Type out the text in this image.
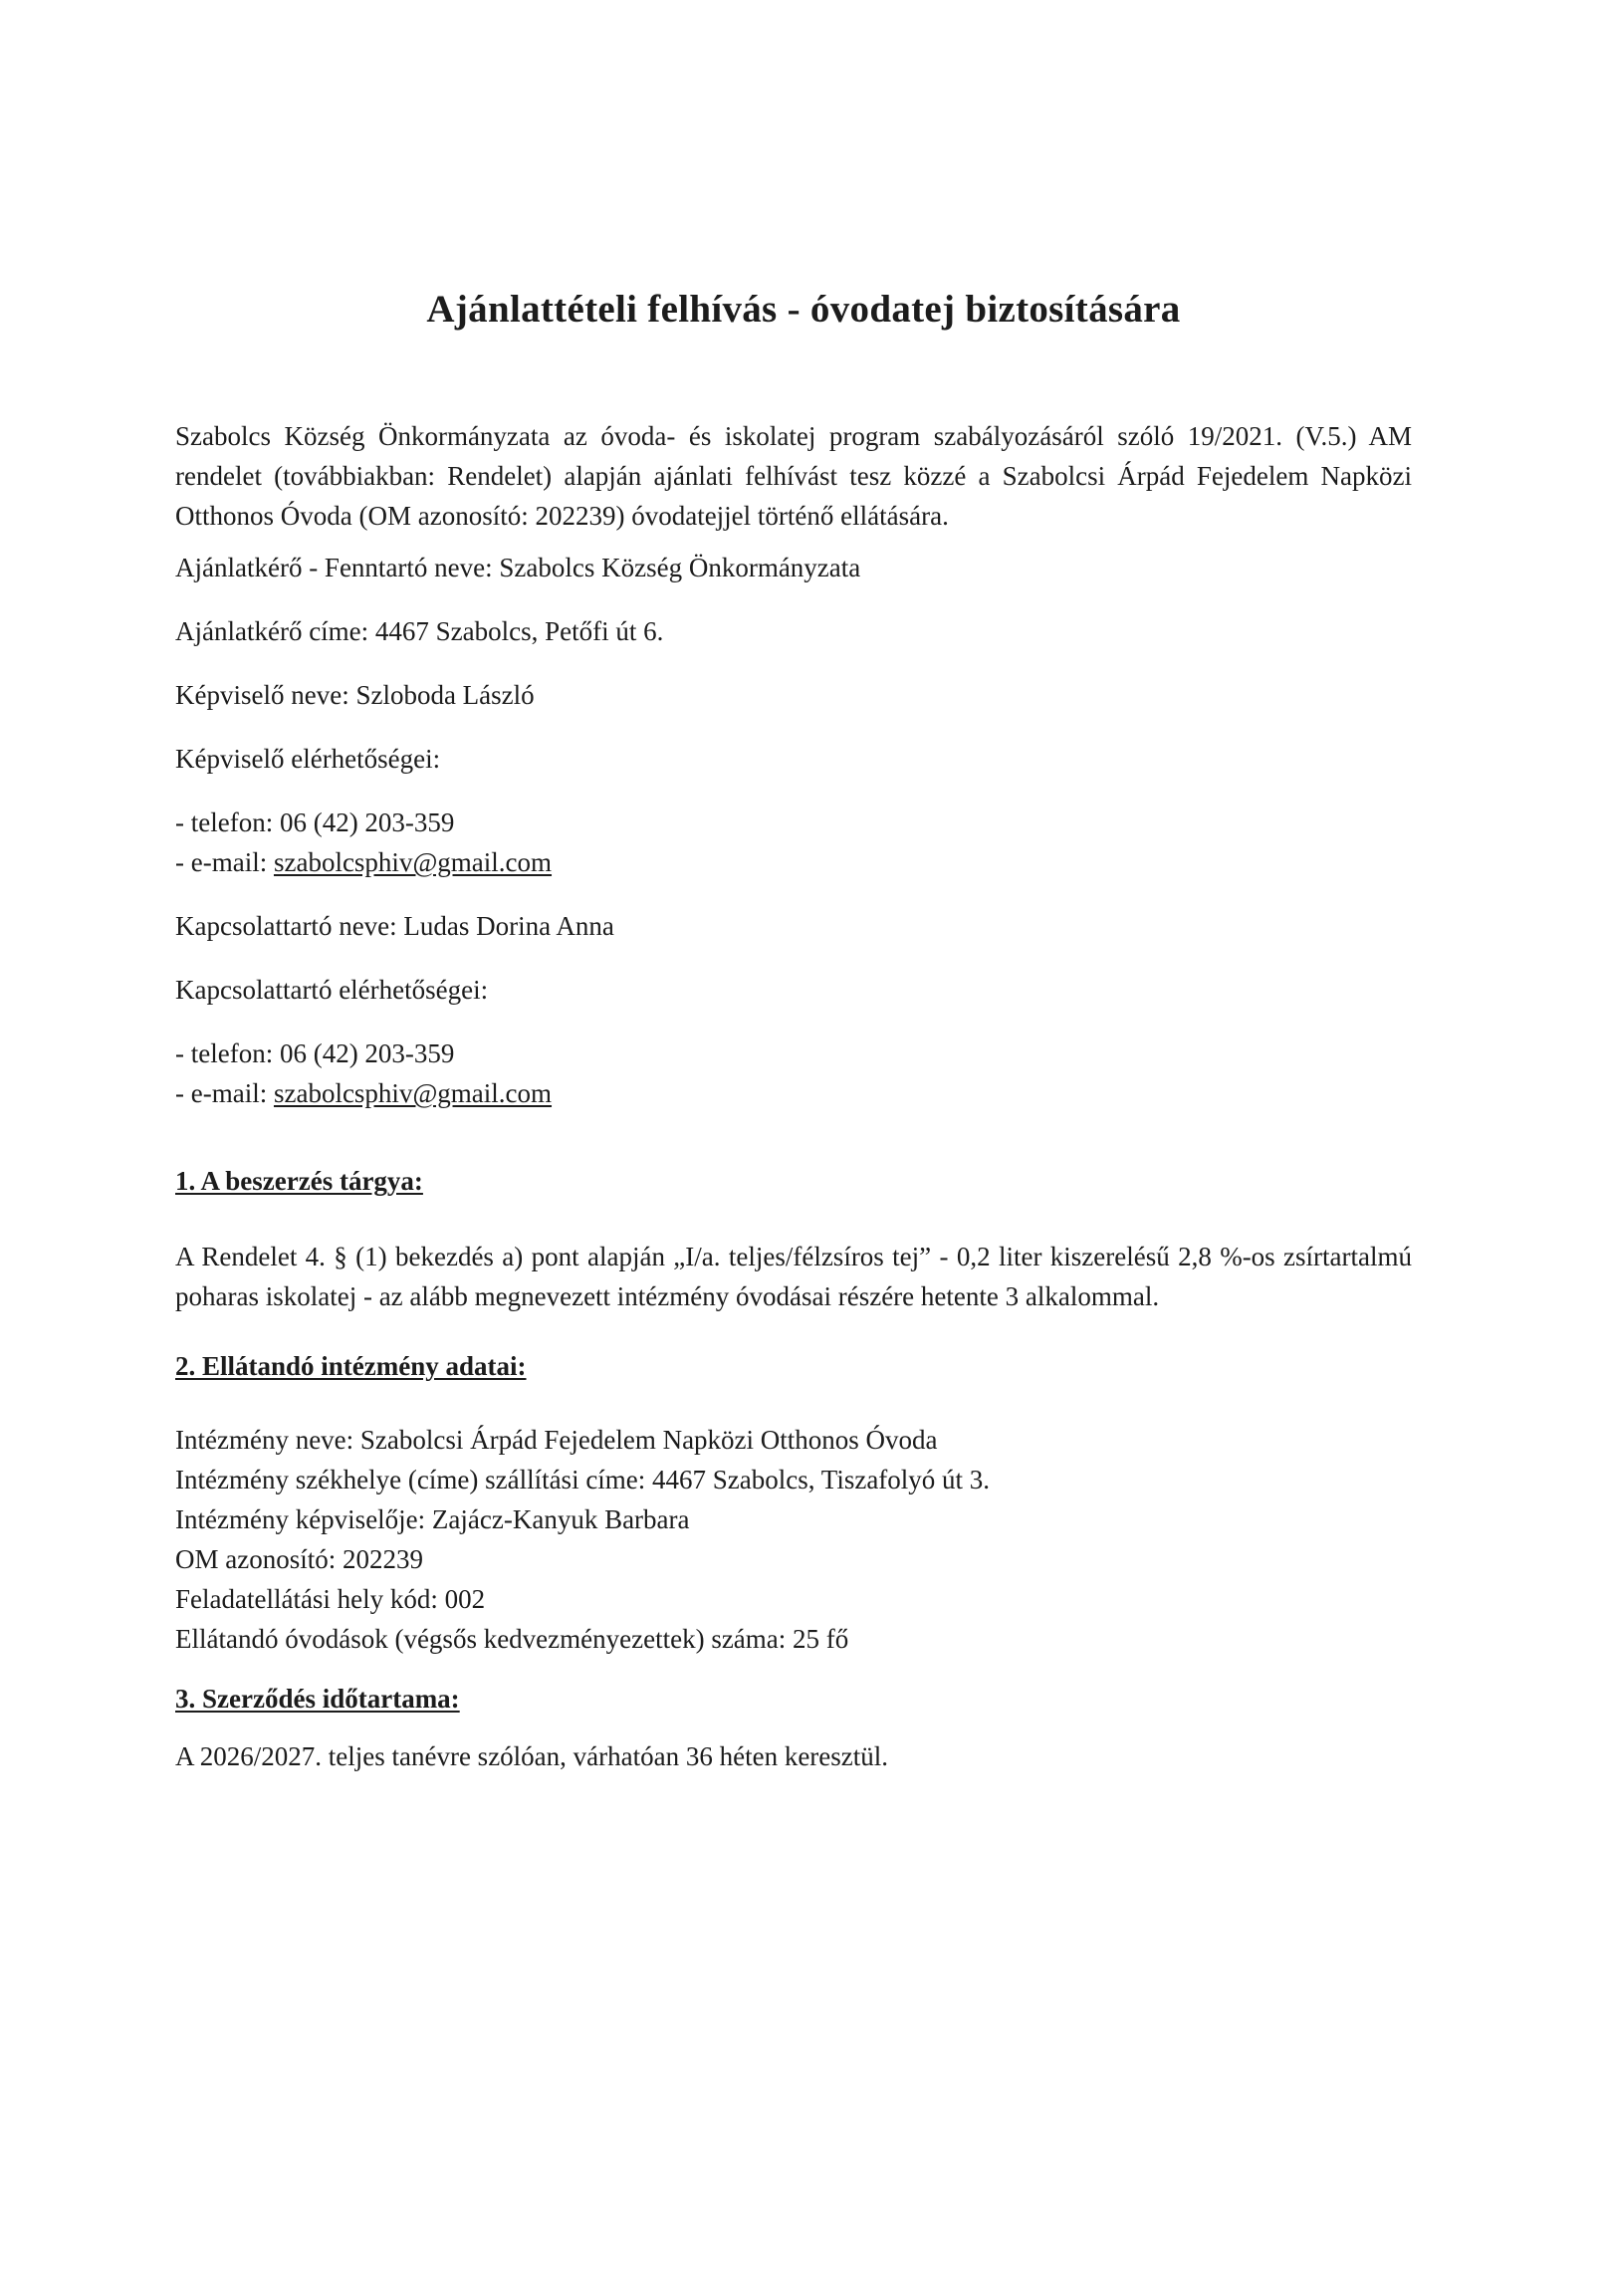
Ajánlattételi felhívás - óvodatej biztosítására

Szabolcs Község Önkormányzata az óvoda- és iskolatej program szabályozásáról szóló 19/2021. (V.5.) AM rendelet (továbbiakban: Rendelet) alapján ajánlati felhívást tesz közzé a Szabolcsi Árpád Fejedelem Napközi Otthonos Óvoda (OM azonosító: 202239) óvodatejjel történő ellátására.

Ajánlatkérő - Fenntartó neve: Szabolcs Község Önkormányzata

Ajánlatkérő címe: 4467 Szabolcs, Petőfi út 6.

Képviselő neve: Szloboda László

Képviselő elérhetőségei:

- telefon: 06 (42) 203-359

- e-mail: szabolcsphiv@gmail.com

Kapcsolattartó neve: Ludas Dorina Anna

Kapcsolattartó elérhetőségei:

- telefon: 06 (42) 203-359

- e-mail: szabolcsphiv@gmail.com

1. A beszerzés tárgya:

A Rendelet 4. § (1) bekezdés a) pont alapján „I/a. teljes/félzsíros tej” - 0,2 liter kiszerelésű 2,8 %-os zsírtartalmú poharas iskolatej - az alább megnevezett intézmény óvodásai részére hetente 3 alkalommal.

2. Ellátandó intézmény adatai:

Intézmény neve: Szabolcsi Árpád Fejedelem Napközi Otthonos Óvoda

Intézmény székhelye (címe) szállítási címe: 4467 Szabolcs, Tiszafolyó út 3.

Intézmény képviselője: Zajácz-Kanyuk Barbara

OM azonosító: 202239

Feladatellátási hely kód: 002

Ellátandó óvodások (végsős kedvezményezettek) száma: 25 fő

3. Szerződés időtartama:

A 2026/2027. teljes tanévre szólóan, várhatóan 36 héten keresztül.
